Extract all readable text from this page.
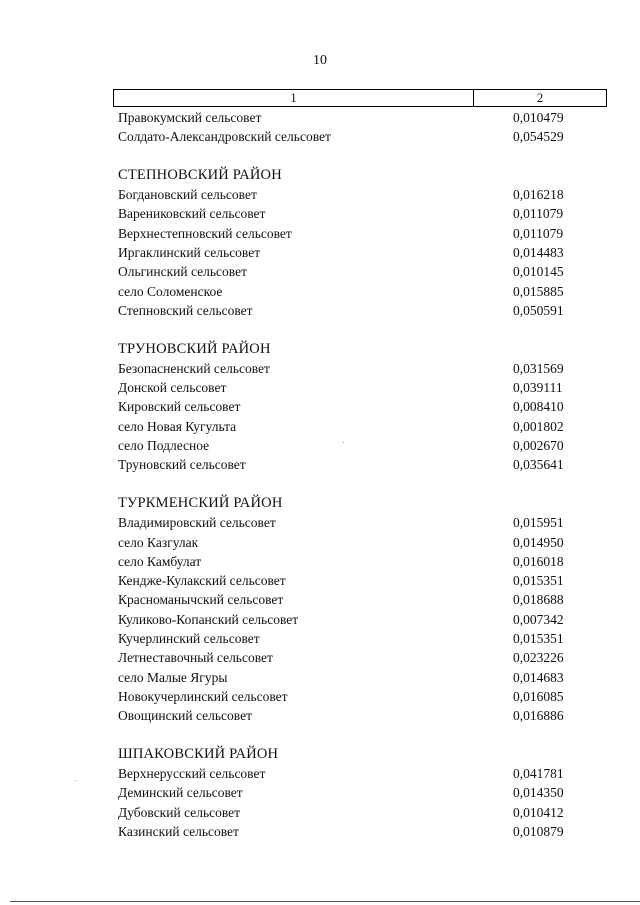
10
1	2
Правокумский сельсовет	0,010479
Солдато-Александровский сельсовет	0,054529
СТЕПНОВСКИЙ РАЙОН
Богдановский сельсовет	0,016218
Варениковский сельсовет	0,011079
Верхнестепновский сельсовет	0,011079
Иргаклинский сельсовет	0,014483
Ольгинский сельсовет	0,010145
село Соломенское	0,015885
Степновский сельсовет	0,050591
ТРУНОВСКИЙ РАЙОН
Безопасненский сельсовет	0,031569
Донской сельсовет	0,039111
Кировский сельсовет	0,008410
село Новая Кугульта	0,001802
село Подлесное	0,002670
Труновский сельсовет	0,035641
ТУРКМЕНСКИЙ РАЙОН
Владимировский сельсовет	0,015951
село Казгулак	0,014950
село Камбулат	0,016018
Кендже-Кулакский сельсовет	0,015351
Красноманычский сельсовет	0,018688
Куликово-Копанский сельсовет	0,007342
Кучерлинский сельсовет	0,015351
Летнеставочный сельсовет	0,023226
село Малые Ягуры	0,014683
Новокучерлинский сельсовет	0,016085
Овощинский сельсовет	0,016886
ШПАКОВСКИЙ РАЙОН
Верхнерусский сельсовет	0,041781
Деминский сельсовет	0,014350
Дубовский сельсовет	0,010412
Казинский сельсовет	0,010879
